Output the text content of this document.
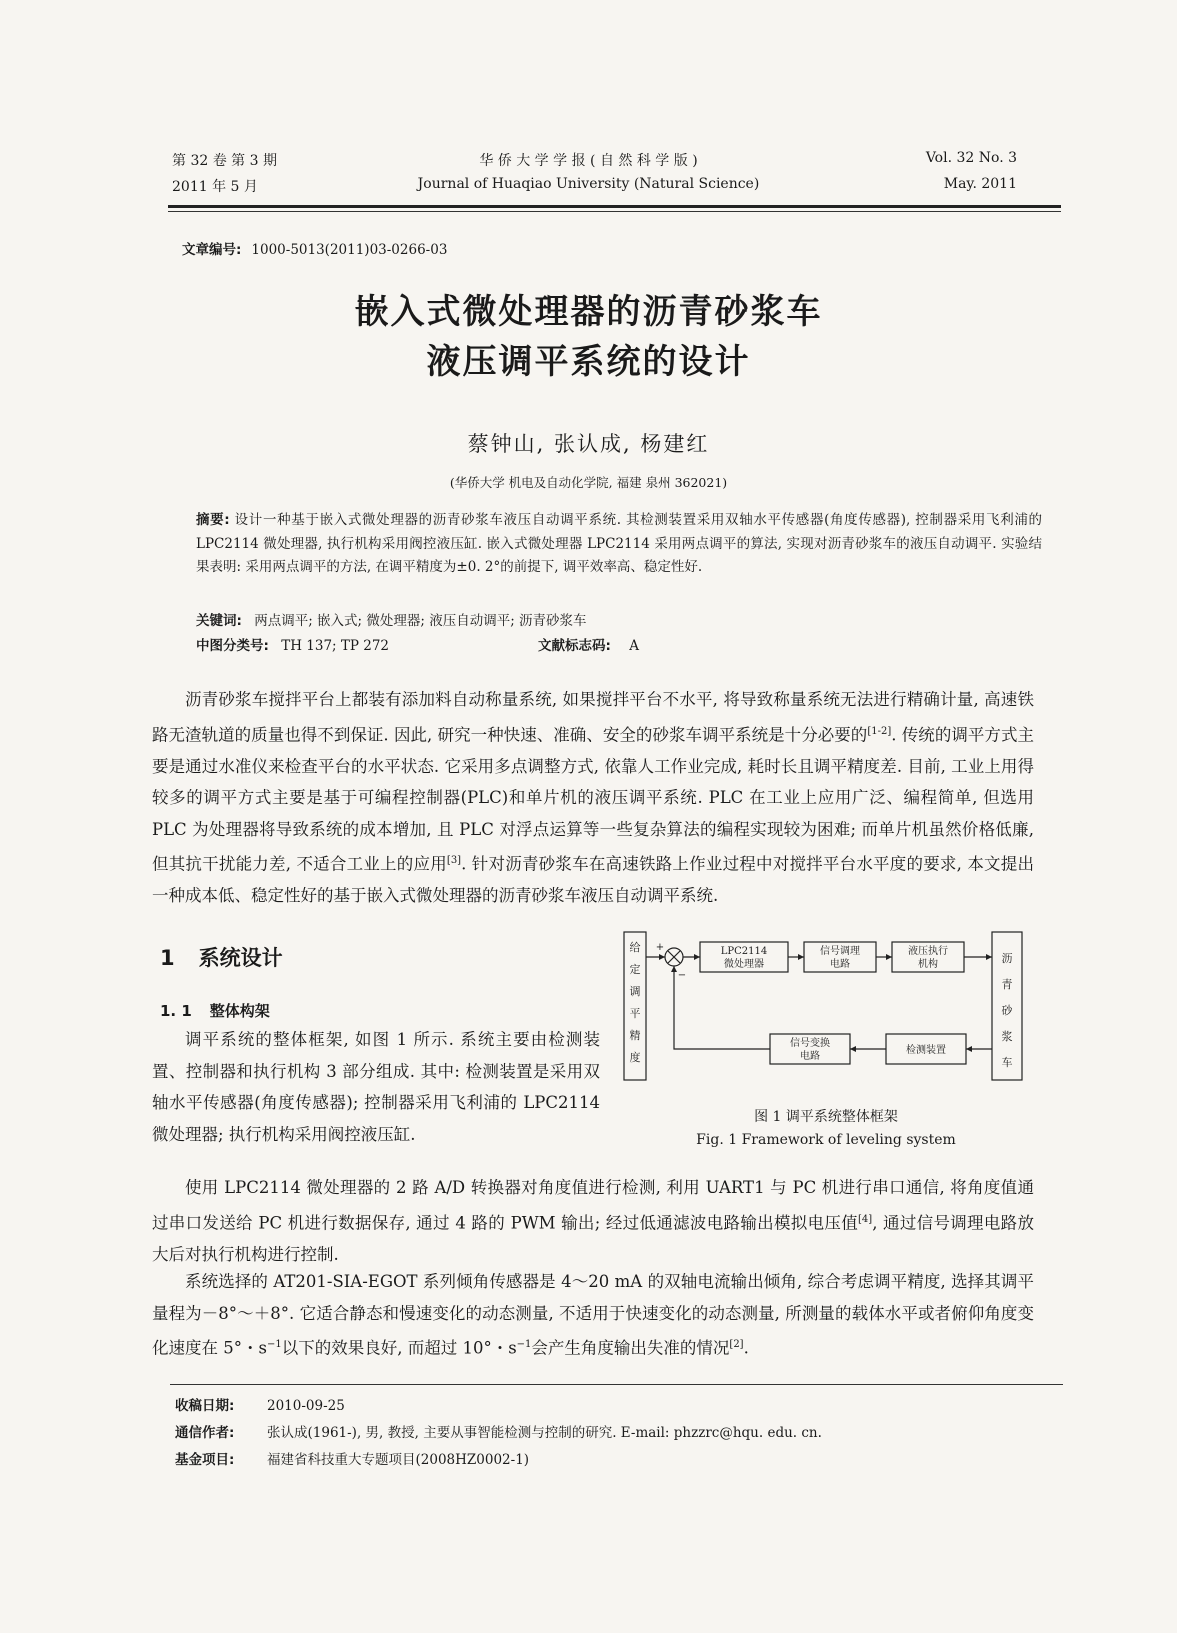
第 32 卷 第 3 期
2011 年 5 月
华 侨 大 学 学 报 ( 自 然 科 学 版 )
Journal of Huaqiao University (Natural Science)
Vol. 32 No. 3
May. 2011
文章编号: 1000-5013(2011)03-0266-03
嵌入式微处理器的沥青砂浆车
液压调平系统的设计
蔡钟山, 张认成, 杨建红
(华侨大学 机电及自动化学院, 福建 泉州 362021)
摘要: 设计一种基于嵌入式微处理器的沥青砂浆车液压自动调平系统. 其检测装置采用双轴水平传感器(角度传感器), 控制器采用飞利浦的 LPC2114 微处理器, 执行机构采用阀控液压缸. 嵌入式微处理器 LPC2114 采用两点调平的算法, 实现对沥青砂浆车的液压自动调平. 实验结果表明: 采用两点调平的方法, 在调平精度为±0. 2°的前提下, 调平效率高、稳定性好.
关键词: 两点调平; 嵌入式; 微处理器; 液压自动调平; 沥青砂浆车
中图分类号: TH 137; TP 272	文献标志码: A
沥青砂浆车搅拌平台上都装有添加料自动称量系统, 如果搅拌平台不水平, 将导致称量系统无法进行精确计量, 高速铁路无渣轨道的质量也得不到保证. 因此, 研究一种快速、准确、安全的砂浆车调平系统是十分必要的[1-2]. 传统的调平方式主要是通过水准仪来检查平台的水平状态. 它采用多点调整方式, 依靠人工作业完成, 耗时长且调平精度差. 目前, 工业上用得较多的调平方式主要是基于可编程控制器(PLC)和单片机的液压调平系统. PLC 在工业上应用广泛、编程简单, 但选用 PLC 为处理器将导致系统的成本增加, 且 PLC 对浮点运算等一些复杂算法的编程实现较为困难; 而单片机虽然价格低廉, 但其抗干扰能力差, 不适合工业上的应用[3]. 针对沥青砂浆车在高速铁路上作业过程中对搅拌平台水平度的要求, 本文提出一种成本低、稳定性好的基于嵌入式微处理器的沥青砂浆车液压自动调平系统.
1 系统设计
1. 1 整体构架
调平系统的整体框架, 如图 1 所示. 系统主要由检测装置、控制器和执行机构 3 部分组成. 其中: 检测装置是采用双轴水平传感器(角度传感器); 控制器采用飞利浦的 LPC2114 微处理器; 执行机构采用阀控液压缸.
给
定
调
平
精
度
+
−
LPC2114
微处理器
信号调理
电路
液压执行
机构	沥
青
砂
浆
车
信号变换
电路
检测装置
图 1 调平系统整体框架
Fig. 1 Framework of leveling system
使用 LPC2114 微处理器的 2 路 A/D 转换器对角度值进行检测, 利用 UART1 与 PC 机进行串口通信, 将角度值通过串口发送给 PC 机进行数据保存, 通过 4 路的 PWM 输出; 经过低通滤波电路输出模拟电压值[4], 通过信号调理电路放大后对执行机构进行控制.
系统选择的 AT201-SIA-EGOT 系列倾角传感器是 4～20 mA 的双轴电流输出倾角, 综合考虑调平精度, 选择其调平量程为－8°～＋8°. 它适合静态和慢速变化的动态测量, 不适用于快速变化的动态测量, 所测量的载体水平或者俯仰角度变化速度在 5°・$s^{-1}$以下的效果良好, 而超过 10°・$s^{-1}$会产生角度输出失准的情况[2].
收稿日期: 2010-09-25
通信作者: 张认成(1961-), 男, 教授, 主要从事智能检测与控制的研究. E-mail: phzzrc@hqu. edu. cn.
基金项目: 福建省科技重大专题项目(2008HZ0002-1)
